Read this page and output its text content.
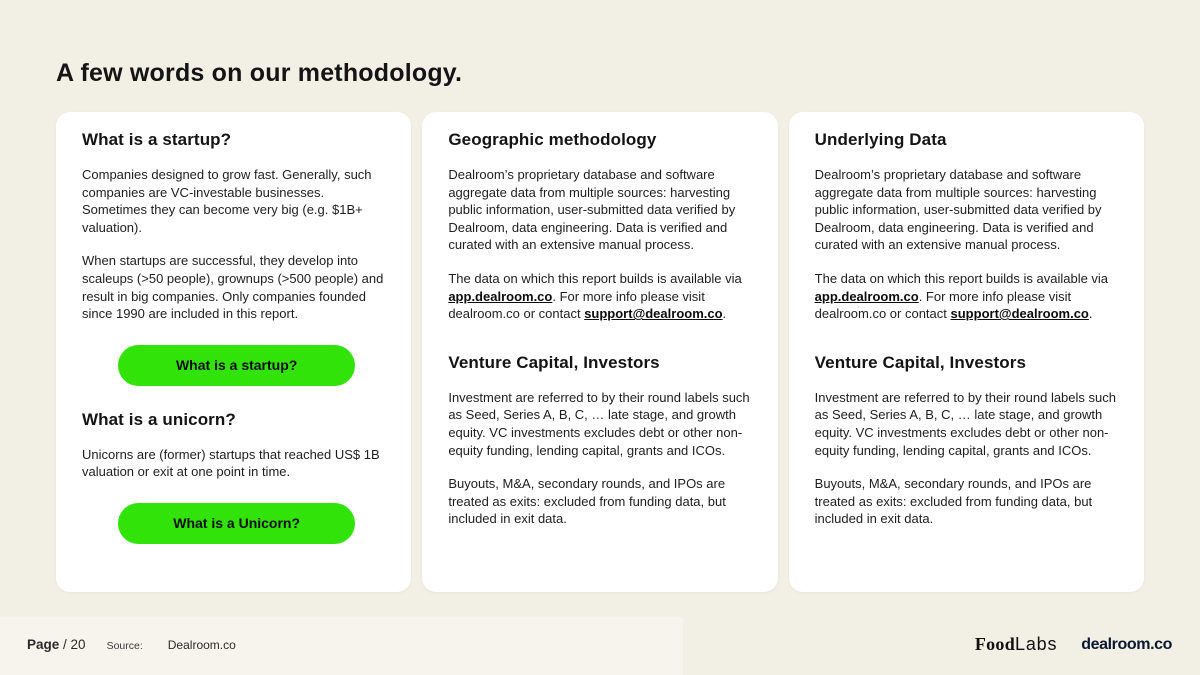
A few words on our methodology.
What is a startup?

Companies designed to grow fast. Generally, such companies are VC-investable businesses. Sometimes they can become very big (e.g. $1B+ valuation).

When startups are successful, they develop into scaleups (>50 people), grownups (>500 people) and result in big companies. Only companies founded since 1990 are included in this report.

What is a startup?
What is a unicorn?

Unicorns are (former) startups that reached US$ 1B valuation or exit at one point in time.

What is a Unicorn?
Geographic methodology

Dealroom’s proprietary database and software aggregate data from multiple sources: harvesting public information, user-submitted data verified by Dealroom, data engineering. Data is verified and curated with an extensive manual process.

The data on which this report builds is available via app.dealroom.co. For more info please visit dealroom.co or contact support@dealroom.co.

Venture Capital, Investors

Investment are referred to by their round labels such as Seed, Series A, B, C, … late stage, and growth equity. VC investments excludes debt or other non-equity funding, lending capital, grants and ICOs.

Buyouts, M&A, secondary rounds, and IPOs are treated as exits: excluded from funding data, but included in exit data.

Underlying Data

Dealroom’s proprietary database and software aggregate data from multiple sources: harvesting public information, user-submitted data verified by Dealroom, data engineering. Data is verified and curated with an extensive manual process.

The data on which this report builds is available via app.dealroom.co. For more info please visit dealroom.co or contact support@dealroom.co.

Venture Capital, Investors

Investment are referred to by their round labels such as Seed, Series A, B, C, … late stage, and growth equity. VC investments excludes debt or other non-equity funding, lending capital, grants and ICOs.

Buyouts, M&A, secondary rounds, and IPOs are treated as exits: excluded from funding data, but included in exit data.

Page / 20 Source: Dealroom.co	FoodLabs dealroom.co
